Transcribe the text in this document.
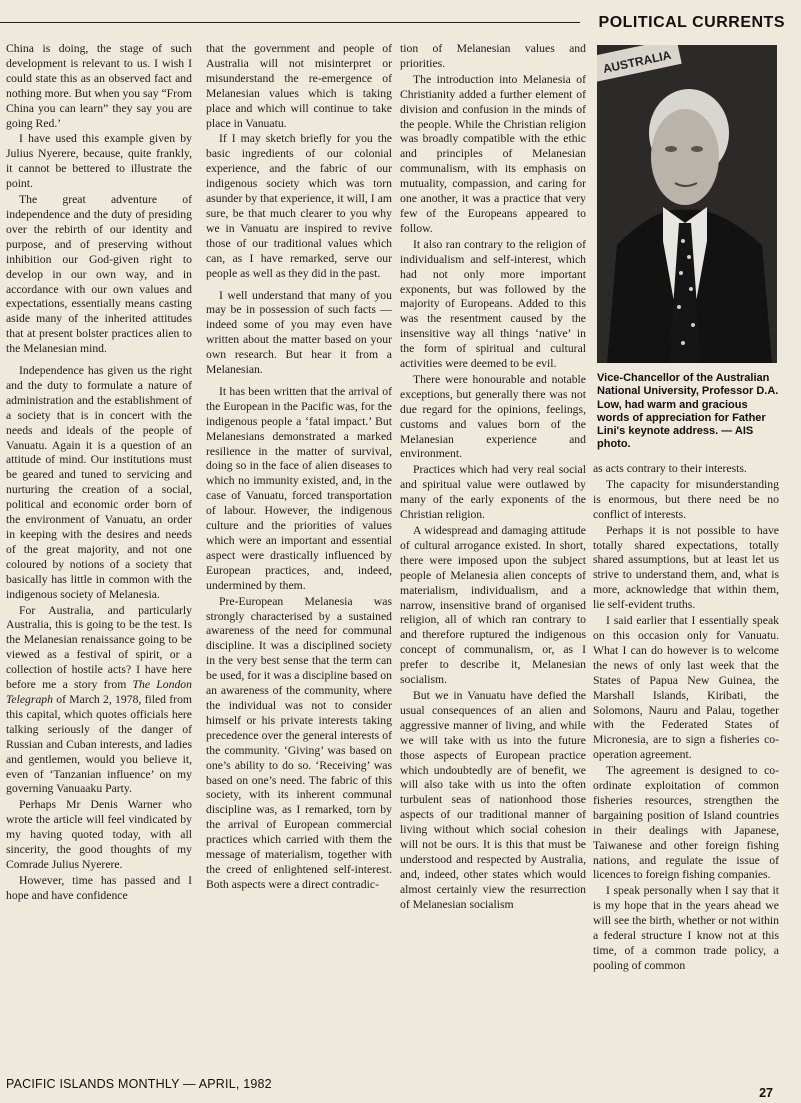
POLITICAL CURRENTS

China is doing, the stage of such development is relevant to us. I wish I could state this as an observed fact and nothing more. But when you say “From China you can learn” they say you are going Red.’

I have used this example given by Julius Nyerere, because, quite frankly, it cannot be bettered to illustrate the point.

The great adventure of independence and the duty of presiding over the rebirth of our identity and purpose, and of preserving without inhibition our God-given right to develop in our own way, and in accordance with our own values and expectations, essentially means casting aside many of the inherited attitudes that at present bolster practices alien to the Melanesian mind.

Independence has given us the right and the duty to formulate a nature of administration and the establishment of a society that is in concert with the needs and ideals of the people of Vanuatu. Again it is a question of an attitude of mind. Our institutions must be geared and tuned to servicing and nurturing the creation of a social, political and economic order born of the environment of Vanuatu, an order in keeping with the desires and needs of the great majority, and not one coloured by notions of a society that basically has little in common with the indigenous society of Melanesia.

For Australia, and particularly Australia, this is going to be the test. Is the Melanesian renaissance going to be viewed as a festival of spirit, or a collection of hostile acts? I have here before me a story from The London Telegraph of March 2, 1978, filed from this capital, which quotes officials here talking seriously of the danger of Russian and Cuban interests, and ladies and gentlemen, would you believe it, even of ‘Tanzanian influence’ on my governing Vanuaaku Party.

Perhaps Mr Denis Warner who wrote the article will feel vindicated by my having quoted today, with all sincerity, the good thoughts of my Comrade Julius Nyerere.

However, time has passed and I hope and have confidence

that the government and people of Australia will not misinterpret or misunderstand the re-emergence of Melanesian values which is taking place and which will continue to take place in Vanuatu.

If I may sketch briefly for you the basic ingredients of our colonial experience, and the fabric of our indigenous society which was torn asunder by that experience, it will, I am sure, be that much clearer to you why we in Vanuatu are inspired to revive those of our traditional values which can, as I have remarked, serve our people as well as they did in the past.

I well understand that many of you may be in possession of such facts — indeed some of you may even have written about the matter based on your own research. But hear it from a Melanesian.

It has been written that the arrival of the European in the Pacific was, for the indigenous people a ‘fatal impact.’ But Melanesians demonstrated a marked resilience in the matter of survival, doing so in the face of alien diseases to which no immunity existed, and, in the case of Vanuatu, forced transportation of labour. However, the indigenous culture and the priorities of values which were an important and essential aspect were drastically influenced by European practices, and, indeed, undermined by them.

Pre-European Melanesia was strongly characterised by a sustained awareness of the need for communal discipline. It was a disciplined society in the very best sense that the term can be used, for it was a discipline based on an awareness of the community, where the individual was not to consider himself or his private interests taking precedence over the general interests of the community. ‘Giving’ was based on one’s ability to do so. ‘Receiving’ was based on one’s need. The fabric of this society, with its inherent communal discipline was, as I remarked, torn by the arrival of European commercial practices which carried with them the message of materialism, together with the creed of enlightened self-interest. Both aspects were a direct contradic-

tion of Melanesian values and priorities.

The introduction into Melanesia of Christianity added a further element of division and confusion in the minds of the people. While the Christian religion was broadly compatible with the ethic and principles of Melanesian communalism, with its emphasis on mutuality, compassion, and caring for one another, it was a practice that very few of the Europeans appeared to follow.

It also ran contrary to the religion of individualism and self-interest, which had not only more important exponents, but was followed by the majority of Europeans. Added to this was the resentment caused by the insensitive way all things ‘native’ in the form of spiritual and cultural activities were deemed to be evil.

There were honourable and notable exceptions, but generally there was not due regard for the opinions, feelings, customs and values born of the Melanesian experience and environment.

Practices which had very real social and spiritual value were outlawed by many of the early exponents of the Christian religion.

A widespread and damaging attitude of cultural arrogance existed. In short, there were imposed upon the subject people of Melanesia alien concepts of materialism, individualism, and a narrow, insensitive brand of organised religion, all of which ran contrary to and therefore ruptured the indigenous concept of communalism, or, as I prefer to describe it, Melanesian socialism.

But we in Vanuatu have defied the usual consequences of an alien and aggressive manner of living, and while we will take with us into the future those aspects of European practice which undoubtedly are of benefit, we will also take with us into the often turbulent seas of nationhood those aspects of our traditional manner of living without which social cohesion will not be ours. It is this that must be understood and respected by Australia, and, indeed, other states which would almost certainly view the resurrection of Melanesian socialism

AUSTRALIA
Vice-Chancellor of the Australian National University, Professor D.A. Low, had warm and gracious words of appreciation for Father Lini's keynote address. — AIS photo.

as acts contrary to their interests.

The capacity for misunderstanding is enormous, but there need be no conflict of interests.

Perhaps it is not possible to have totally shared expectations, totally shared assumptions, but at least let us strive to understand them, and, what is more, acknowledge that within them, lie self-evident truths.

I said earlier that I essentially speak on this occasion only for Vanuatu. What I can do however is to welcome the news of only last week that the States of Papua New Guinea, the Marshall Islands, Kiribati, the Solomons, Nauru and Palau, together with the Federated States of Micronesia, are to sign a fisheries co-operation agreement.

The agreement is designed to co-ordinate exploitation of common fisheries resources, strengthen the bargaining position of Island countries in their dealings with Japanese, Taiwanese and other foreign fishing nations, and regulate the issue of licences to foreign fishing companies.

I speak personally when I say that it is my hope that in the years ahead we will see the birth, whether or not within a federal structure I know not at this time, of a common trade policy, a pooling of common

PACIFIC ISLANDS MONTHLY — APRIL, 1982
27
